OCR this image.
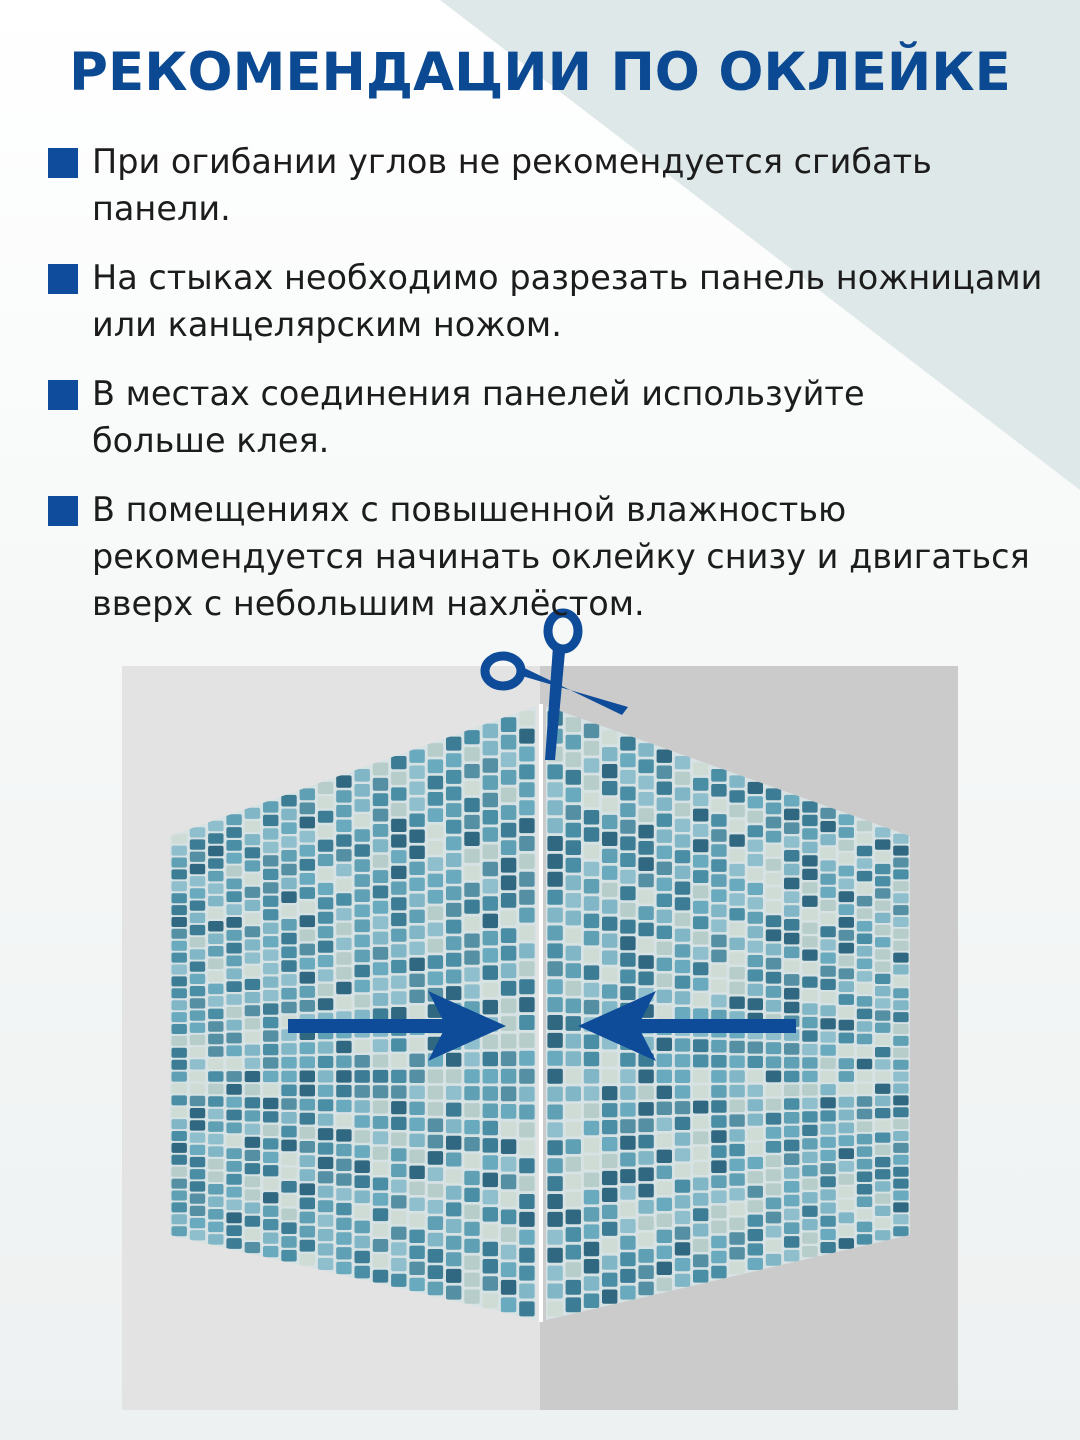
РЕКОМЕНДАЦИИ ПО ОКЛЕЙКЕ
При огибании углов не рекомендуется сгибать панели.
На стыках необходимо разрезать панель ножницами
или канцелярским ножом.
В местах соединения панелей используйте
больше клея.
В помещениях с повышенной влажностью
рекомендуется начинать оклейку снизу и двигаться
вверх с небольшим нахлёстом.
